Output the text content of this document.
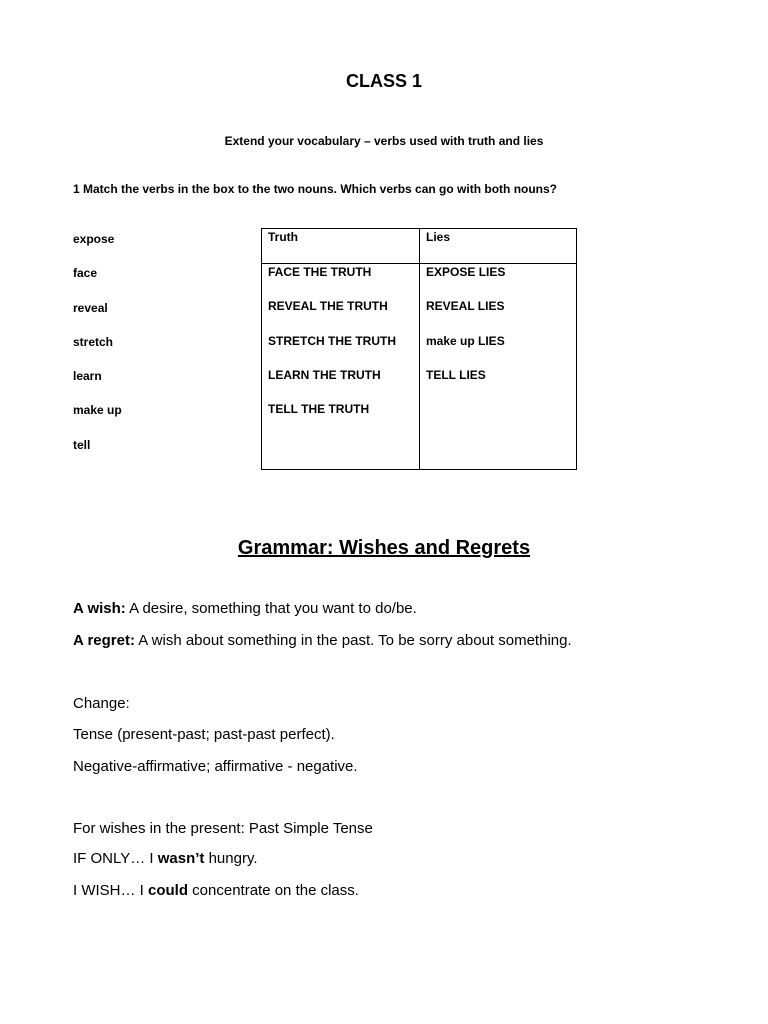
CLASS 1
Extend your vocabulary – verbs used with truth and lies
1 Match the verbs in the box to the two nouns. Which verbs can go with both nouns?
expose
face
reveal
stretch
learn
make up
tell
Truth
FACE THE TRUTH
REVEAL THE TRUTH
STRETCH THE TRUTH
LEARN THE TRUTH
TELL THE TRUTH
Lies
EXPOSE LIES
REVEAL LIES
make up LIES
TELL LIES
Grammar: Wishes and Regrets
A wish: A desire, something that you want to do/be.
A regret: A wish about something in the past. To be sorry about something.
Change:
Tense (present-past; past-past perfect).
Negative-affirmative; affirmative - negative.
For wishes in the present: Past Simple Tense
IF ONLY… I wasn’t hungry.
I WISH… I could concentrate on the class.
